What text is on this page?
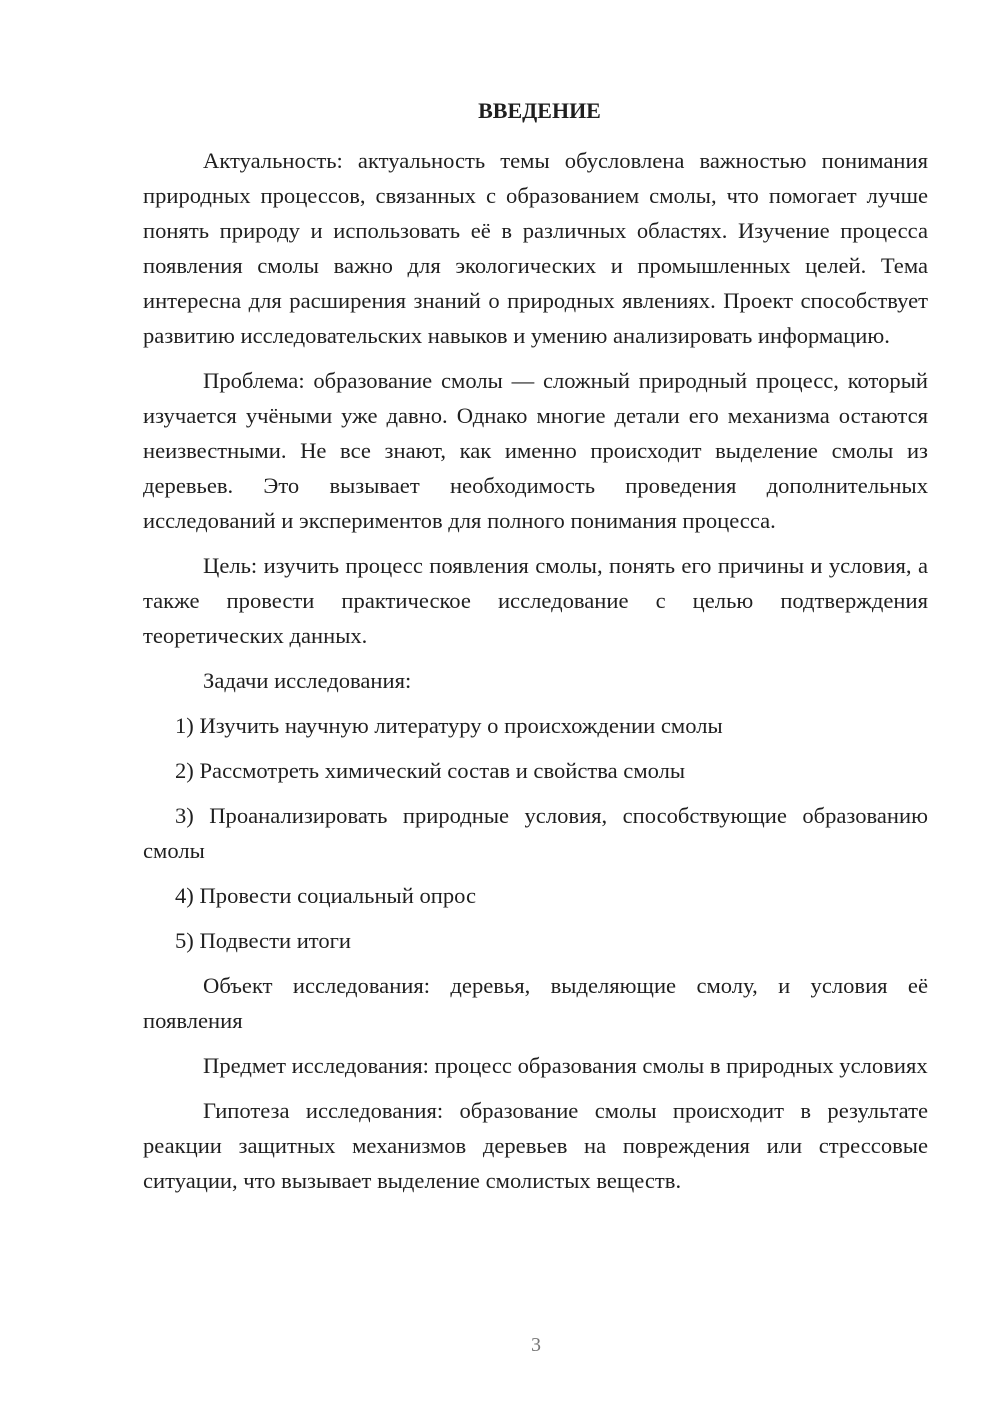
ВВЕДЕНИЕ

Актуальность: актуальность темы обусловлена важностью понимания природных процессов, связанных с образованием смолы, что помогает лучше понять природу и использовать её в различных областях. Изучение процесса появления смолы важно для экологических и промышленных целей. Тема интересна для расширения знаний о природных явлениях. Проект способствует развитию исследовательских навыков и умению анализировать информацию.

Проблема: образование смолы — сложный природный процесс, который изучается учёными уже давно. Однако многие детали его механизма остаются неизвестными. Не все знают, как именно происходит выделение смолы из деревьев. Это вызывает необходимость проведения дополнительных исследований и экспериментов для полного понимания процесса.

Цель: изучить процесс появления смолы, понять его причины и условия, а также провести практическое исследование с целью подтверждения теоретических данных.

Задачи исследования:

1) Изучить научную литературу о происхождении смолы

2) Рассмотреть химический состав и свойства смолы

3) Проанализировать природные условия, способствующие образованию смолы

4) Провести социальный опрос

5) Подвести итоги

Объект исследования: деревья, выделяющие смолу, и условия её появления

Предмет исследования: процесс образования смолы в природных условиях

Гипотеза исследования: образование смолы происходит в результате реакции защитных механизмов деревьев на повреждения или стрессовые ситуации, что вызывает выделение смолистых веществ.

3
